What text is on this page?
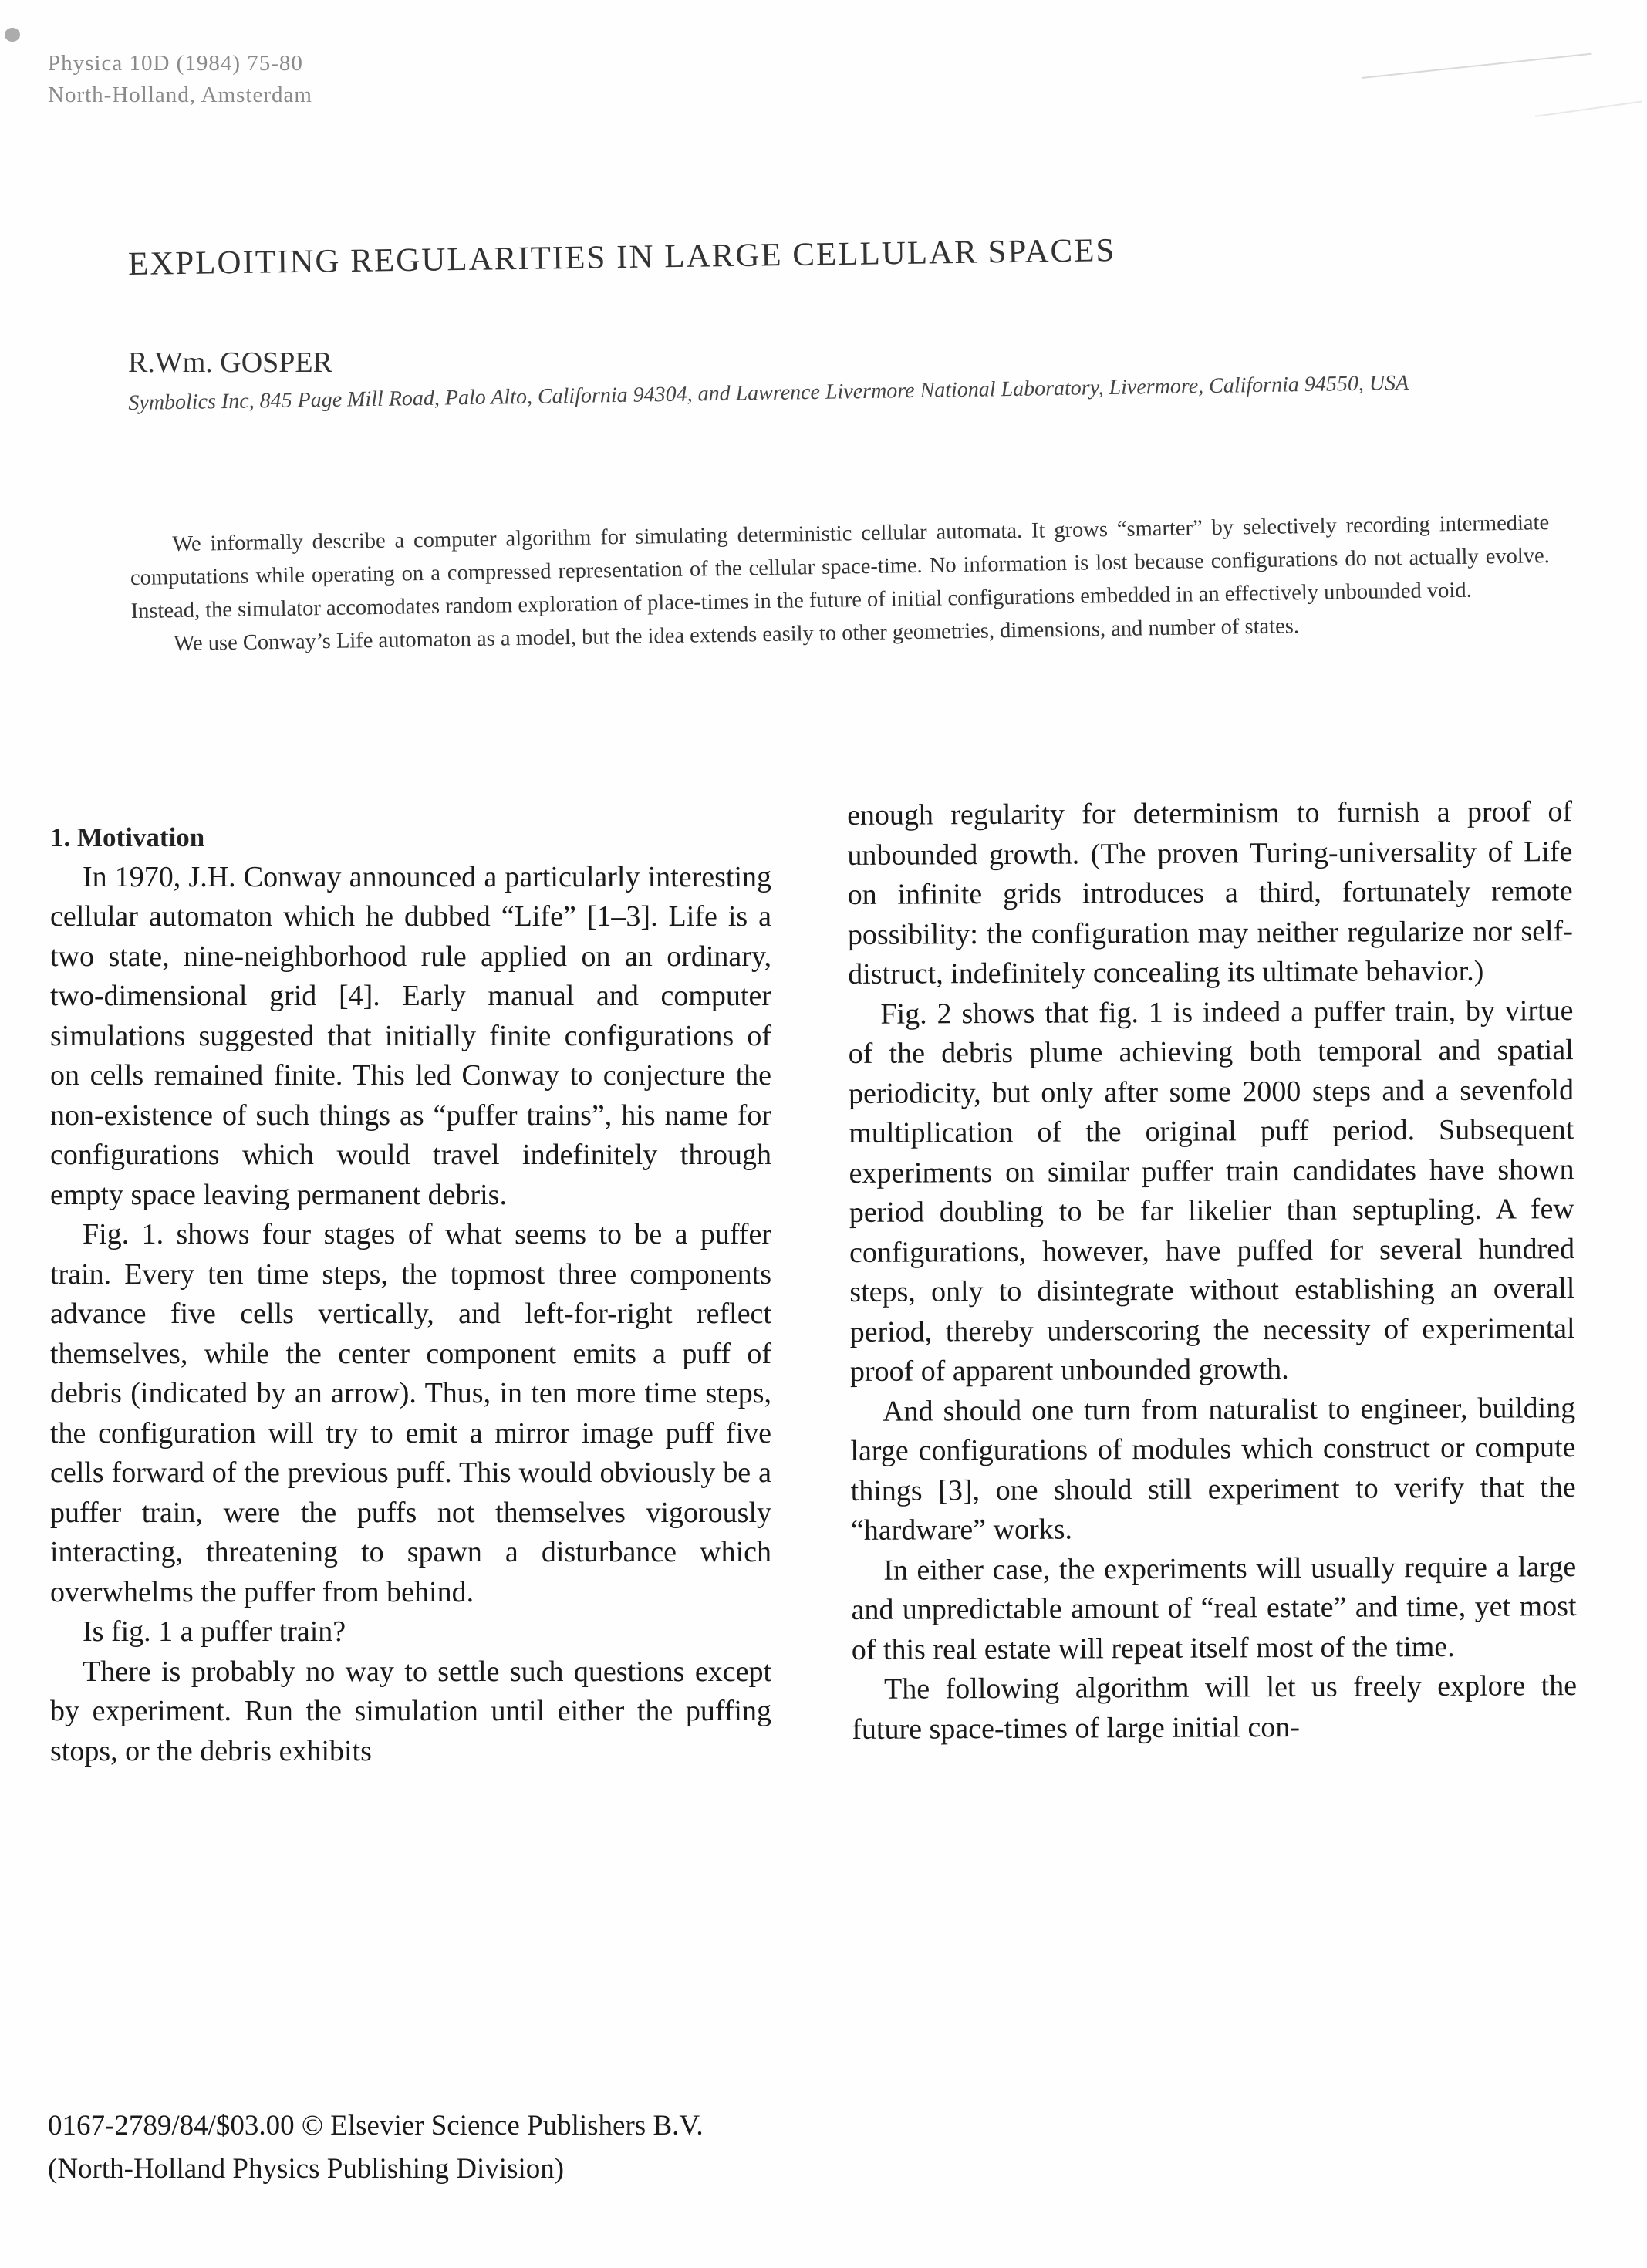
Physica 10D (1984) 75-80
North-Holland, Amsterdam
EXPLOITING REGULARITIES IN LARGE CELLULAR SPACES
R.Wm. GOSPER
Symbolics Inc, 845 Page Mill Road, Palo Alto, California 94304, and Lawrence Livermore National Laboratory, Livermore, California 94550, USA

We informally describe a computer algorithm for simulating deterministic cellular automata. It grows “smarter” by selectively recording intermediate computations while operating on a compressed representation of the cellular space-time. No information is lost because configurations do not actually evolve. Instead, the simulator accomodates random exploration of place-times in the future of initial configurations embedded in an effectively unbounded void.

We use Conway’s Life automaton as a model, but the idea extends easily to other geometries, dimensions, and number of states.

1. Motivation

In 1970, J.H. Conway announced a particularly interesting cellular automaton which he dubbed “Life” [1–3]. Life is a two state, nine-neighborhood rule applied on an ordinary, two-dimensional grid [4]. Early manual and computer simulations suggested that initially finite configurations of on cells remained finite. This led Conway to conjecture the non-existence of such things as “puffer trains”, his name for configurations which would travel indefinitely through empty space leaving permanent debris.

Fig. 1. shows four stages of what seems to be a puffer train. Every ten time steps, the topmost three components advance five cells vertically, and left-for-right reflect themselves, while the center component emits a puff of debris (indicated by an arrow). Thus, in ten more time steps, the configuration will try to emit a mirror image puff five cells forward of the previous puff. This would obviously be a puffer train, were the puffs not themselves vigorously interacting, threatening to spawn a disturbance which overwhelms the puffer from behind.

Is fig. 1 a puffer train?

There is probably no way to settle such questions except by experiment. Run the simulation until either the puffing stops, or the debris exhibits

enough regularity for determinism to furnish a proof of unbounded growth. (The proven Turing-universality of Life on infinite grids introduces a third, fortunately remote possibility: the configuration may neither regularize nor self-distruct, indefinitely concealing its ultimate behavior.)

Fig. 2 shows that fig. 1 is indeed a puffer train, by virtue of the debris plume achieving both temporal and spatial periodicity, but only after some 2000 steps and a sevenfold multiplication of the original puff period. Subsequent experiments on similar puffer train candidates have shown period doubling to be far likelier than septupling. A few configurations, however, have puffed for several hundred steps, only to disintegrate without establishing an overall period, thereby underscoring the necessity of experimental proof of apparent unbounded growth.

And should one turn from naturalist to engineer, building large configurations of modules which construct or compute things [3], one should still experiment to verify that the “hardware” works.

In either case, the experiments will usually require a large and unpredictable amount of “real estate” and time, yet most of this real estate will repeat itself most of the time.

The following algorithm will let us freely explore the future space-times of large initial con-

0167-2789/84/$03.00 © Elsevier Science Publishers B.V.
(North-Holland Physics Publishing Division)
